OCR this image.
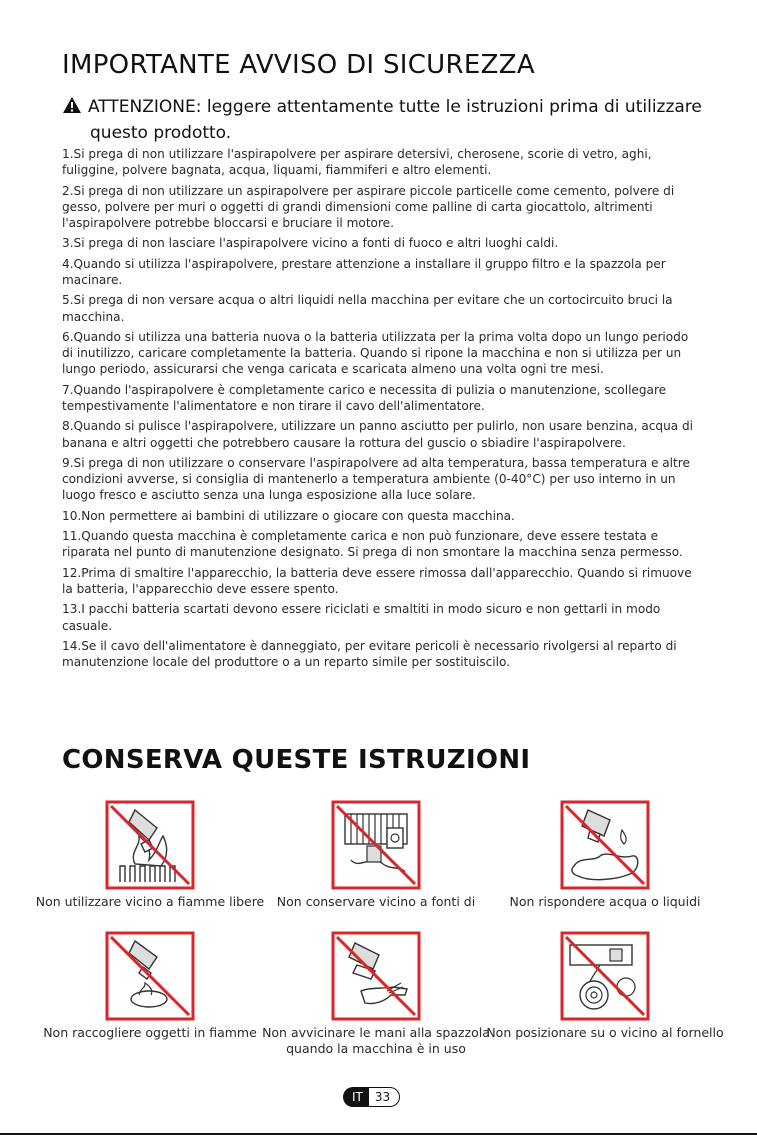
IMPORTANTE AVVISO DI SICUREZZA
ATTENZIONE: leggere attentamente tutte le istruzioni prima di utilizzare
questo prodotto.
1.Si prega di non utilizzare l'aspirapolvere per aspirare detersivi, cherosene, scorie di vetro, aghi, fuliggine, polvere bagnata, acqua, liquami, fiammiferi e altro elementi.
2.Si prega di non utilizzare un aspirapolvere per aspirare piccole particelle come cemento, polvere di gesso, polvere per muri o oggetti di grandi dimensioni come palline di carta giocattolo, altrimenti l'aspirapolvere potrebbe bloccarsi e bruciare il motore.
3.Si prega di non lasciare l'aspirapolvere vicino a fonti di fuoco e altri luoghi caldi.
4.Quando si utilizza l'aspirapolvere, prestare attenzione a installare il gruppo filtro e la spazzola per macinare.
5.Si prega di non versare acqua o altri liquidi nella macchina per evitare che un cortocircuito bruci la macchina.
6.Quando si utilizza una batteria nuova o la batteria utilizzata per la prima volta dopo un lungo periodo di inutilizzo, caricare completamente la batteria. Quando si ripone la macchina e non si utilizza per un lungo periodo, assicurarsi che venga caricata e scaricata almeno una volta ogni tre mesi.
7.Quando l'aspirapolvere è completamente carico e necessita di pulizia o manutenzione, scollegare tempestivamente l'alimentatore e non tirare il cavo dell'alimentatore.
8.Quando si pulisce l'aspirapolvere, utilizzare un panno asciutto per pulirlo, non usare benzina, acqua di banana e altri oggetti che potrebbero causare la rottura del guscio o sbiadire l'aspirapolvere.
9.Si prega di non utilizzare o conservare l'aspirapolvere ad alta temperatura, bassa temperatura e altre condizioni avverse, si consiglia di mantenerlo a temperatura ambiente (0-40°C) per uso interno in un luogo fresco e asciutto senza una lunga esposizione alla luce solare.
10.Non permettere ai bambini di utilizzare o giocare con questa macchina.
11.Quando questa macchina è completamente carica e non può funzionare, deve essere testata e riparata nel punto di manutenzione designato. Si prega di non smontare la macchina senza permesso.
12.Prima di smaltire l'apparecchio, la batteria deve essere rimossa dall'apparecchio. Quando si rimuove la batteria, l'apparecchio deve essere spento.
13.I pacchi batteria scartati devono essere riciclati e smaltiti in modo sicuro e non gettarli in modo casuale.
14.Se il cavo dell'alimentatore è danneggiato, per evitare pericoli è necessario rivolgersi al reparto di manutenzione locale del produttore o a un reparto simile per sostituiscilo.
CONSERVA QUESTE ISTRUZIONI
Non utilizzare vicino a fiamme libere	Non conservare vicino a fonti di	Non rispondere acqua o liquidi
Non raccogliere oggetti in fiamme Non avvicinare le mani alla spazzola quando la macchina è in uso
Non posizionare su o vicino al fornello
IT	33
